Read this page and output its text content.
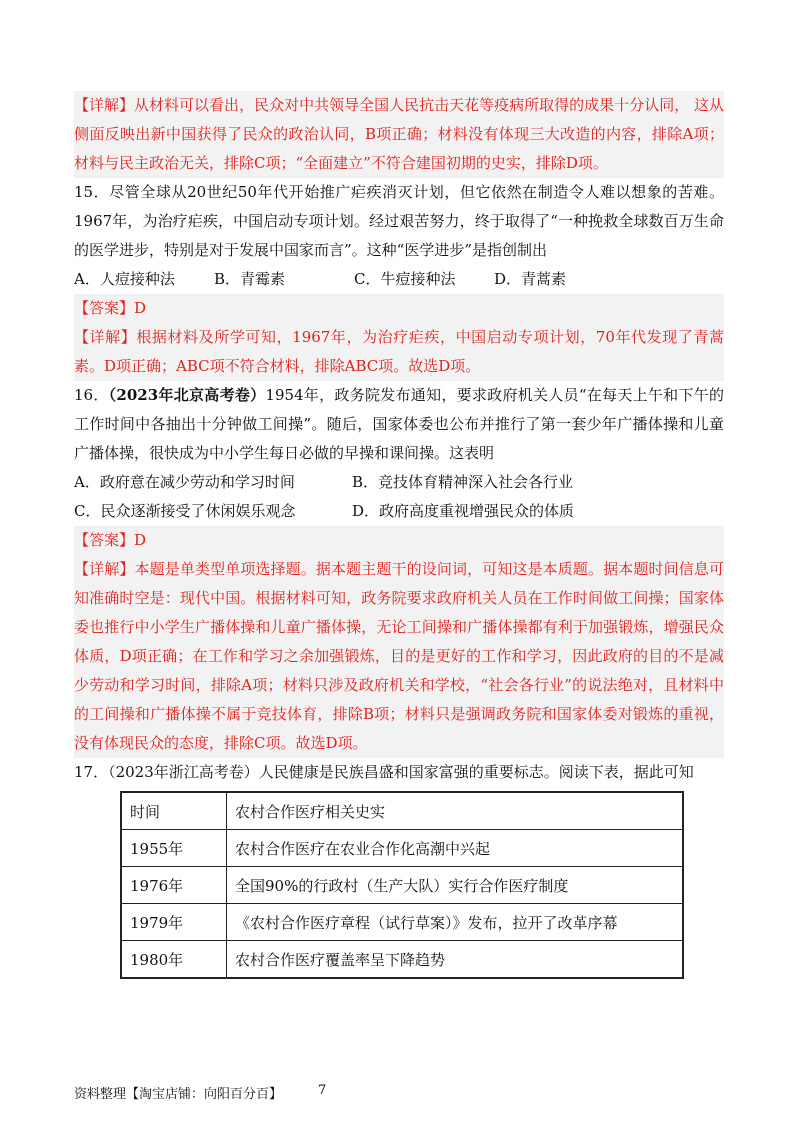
【详解】从材料可以看出，民众对中共领导全国人民抗击天花等疫病所取得的成果十分认同， 这从侧面反映出新中国获得了民众的政治认同，B项正确；材料没有体现三大改造的内容，排除A项；材料与民主政治无关，排除C项；“全面建立”不符合建国初期的史实，排除D项。
15．尽管全球从20世纪50年代开始推广疟疾消灭计划，但它依然在制造令人难以想象的苦难。1967年，为治疗疟疾，中国启动专项计划。经过艰苦努力，终于取得了“一种挽救全球数百万生命的医学进步，特别是对于发展中国家而言”。这种“医学进步”是指创制出
A．人痘接种法	B．青霉素	C．牛痘接种法	D．青蒿素
【答案】D
【详解】根据材料及所学可知，1967年，为治疗疟疾，中国启动专项计划，70年代发现了青蒿素。D项正确；ABC项不符合材料，排除ABC项。故选D项。
16．（2023年北京高考卷）1954年，政务院发布通知，要求政府机关人员“在每天上午和下午的工作时间中各抽出十分钟做工间操”。随后，国家体委也公布并推行了第一套少年广播体操和儿童广播体操，很快成为中小学生每日必做的早操和课间操。这表明
A．政府意在减少劳动和学习时间	B．竞技体育精神深入社会各行业
C．民众逐渐接受了休闲娱乐观念	D．政府高度重视增强民众的体质
【答案】D
【详解】本题是单类型单项选择题。据本题主题干的设问词，可知这是本质题。据本题时间信息可知准确时空是：现代中国。根据材料可知，政务院要求政府机关人员在工作时间做工间操；国家体委也推行中小学生广播体操和儿童广播体操，无论工间操和广播体操都有利于加强锻炼，增强民众体质，D项正确；在工作和学习之余加强锻炼，目的是更好的工作和学习，因此政府的目的不是减少劳动和学习时间，排除A项；材料只涉及政府机关和学校，“社会各行业”的说法绝对，且材料中的工间操和广播体操不属于竞技体育，排除B项；材料只是强调政务院和国家体委对锻炼的重视，没有体现民众的态度，排除C项。故选D项。
17．（2023年浙江高考卷）人民健康是民族昌盛和国家富强的重要标志。阅读下表，据此可知
时间	农村合作医疗相关史实
1955年	农村合作医疗在农业合作化高潮中兴起
1976年	全国90%的行政村（生产大队）实行合作医疗制度
1979年	《农村合作医疗章程（试行草案）》发布，拉开了改革序幕
1980年	农村合作医疗覆盖率呈下降趋势
资料整理【淘宝店铺：向阳百分百】	7
